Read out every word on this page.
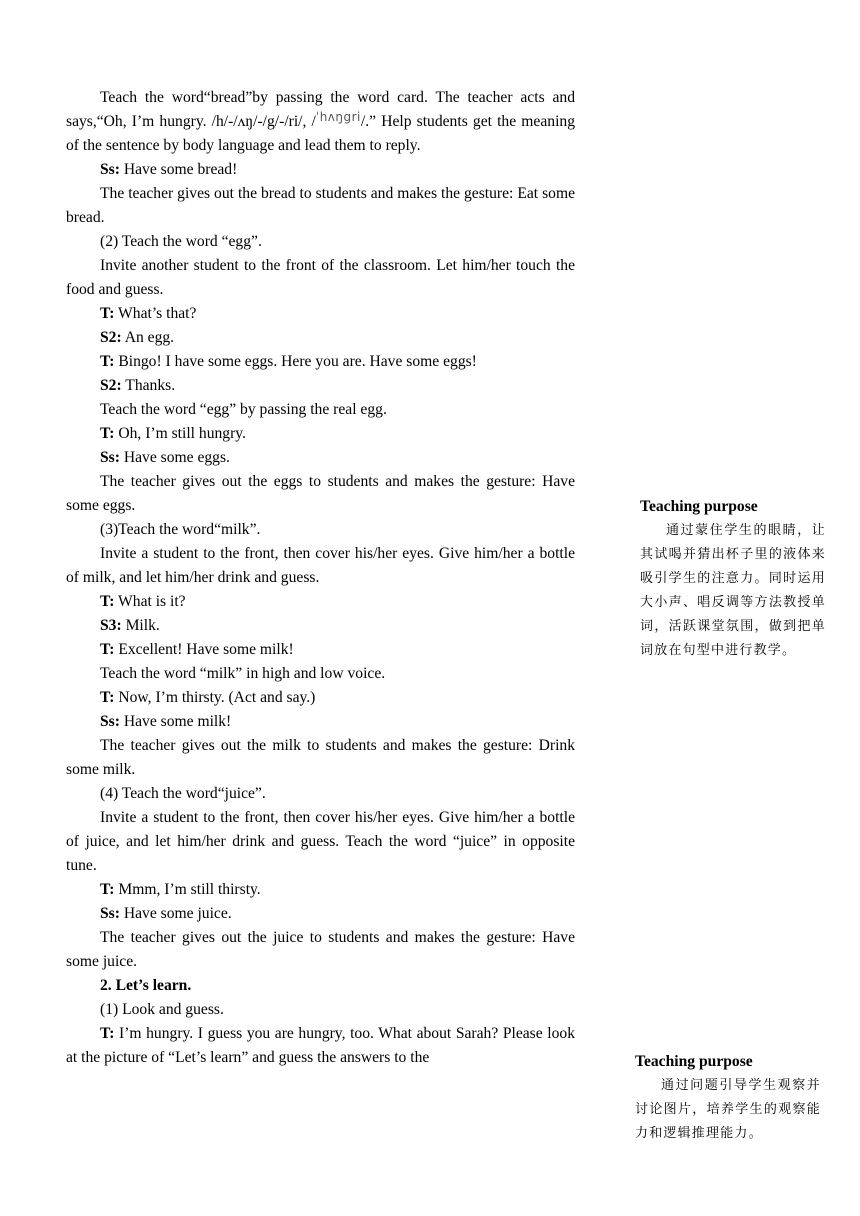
Teach the word“bread”by passing the word card. The teacher acts and says,“Oh, I’m hungry. /h/-/ʌŋ/-/g/-/ri/, /$^{ˈhʌŋgri}$/.” Help students get the meaning of the sentence by body language and lead them to reply.

Ss: Have some bread!

The teacher gives out the bread to students and makes the gesture: Eat some bread.

(2) Teach the word “egg”.

Invite another student to the front of the classroom. Let him/her touch the food and guess.

T: What’s that?

S2: An egg.

T: Bingo! I have some eggs. Here you are. Have some eggs!

S2: Thanks.

Teach the word “egg” by passing the real egg.

T: Oh, I’m still hungry.

Ss: Have some eggs.

The teacher gives out the eggs to students and makes the gesture: Have some eggs.

(3)Teach the word“milk”.

Invite a student to the front, then cover his/her eyes. Give him/her a bottle of milk, and let him/her drink and guess.

T: What is it?

S3: Milk.

T: Excellent! Have some milk!

Teach the word “milk” in high and low voice.

T: Now, I’m thirsty. (Act and say.)

Ss: Have some milk!

The teacher gives out the milk to students and makes the gesture: Drink some milk.

(4) Teach the word“juice”.

Invite a student to the front, then cover his/her eyes. Give him/her a bottle of juice, and let him/her drink and guess. Teach the word “juice” in opposite tune.

T: Mmm, I’m still thirsty.

Ss: Have some juice.

The teacher gives out the juice to students and makes the gesture: Have some juice.

2. Let’s learn.

(1) Look and guess.

T: I’m hungry. I guess you are hungry, too. What about Sarah? Please look at the picture of “Let’s learn” and guess the answers to the

Teaching purpose

通过蒙住学生的眼睛，让其试喝并猜出杯子里的液体来吸引学生的注意力。同时运用大小声、唱反调等方法教授单词，活跃课堂氛围，做到把单词放在句型中进行教学。

Teaching purpose

通过问题引导学生观察并讨论图片，培养学生的观察能力和逻辑推理能力。
